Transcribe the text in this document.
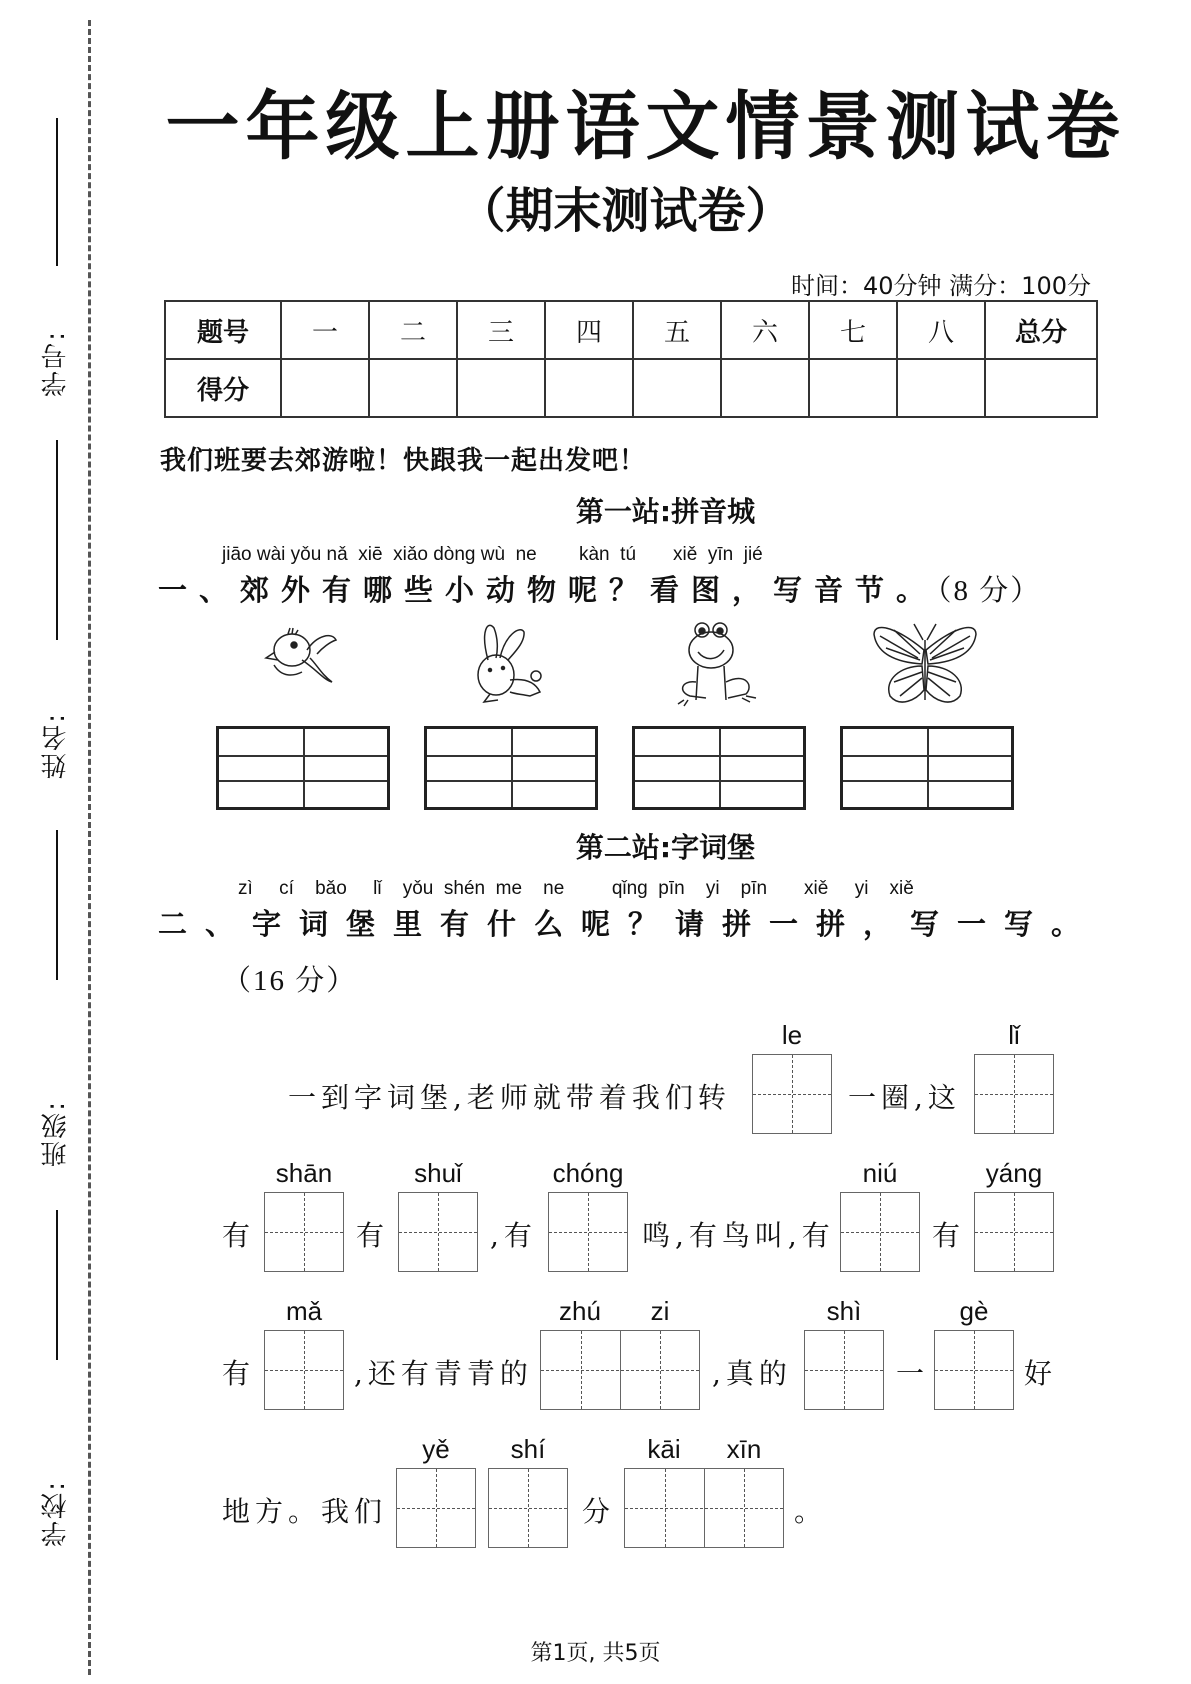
学号:
姓名:
班级:
学校:
一年级上册语文情景测试卷
（期末测试卷）
时间：40分钟 满分：100分
题号	一	二	三	四	五	六	七	八	总分
得分									
我们班要去郊游啦！快跟我一起出发吧！
第一站:拼音城
jiāo wài yǒu nǎ  xiē  xiǎo dòng wù  ne        kàn  tú       xiě  yīn  jié
一、郊外有哪些小动物呢？看图，写音节。（8 分）
第二站:字词堡
zì     cí    bǎo     lǐ    yǒu  shén  me    ne         qǐng  pīn    yi    pīn       xiě     yi    xiě
二、字词堡里有什么呢？请拼一拼，写一写。
（16 分）
一到字词堡,老师就带着我们转
le
一圈,这
lǐ
有
shān
有
shuǐ
,有
chóng
鸣,有鸟叫,有
niú
有
yáng
有
mǎ
,还有青青的
zhú	zi
,真的
shì
一
gè
好
地方。我们
yě	shí
分
kāi	xīn
。
第1页, 共5页
